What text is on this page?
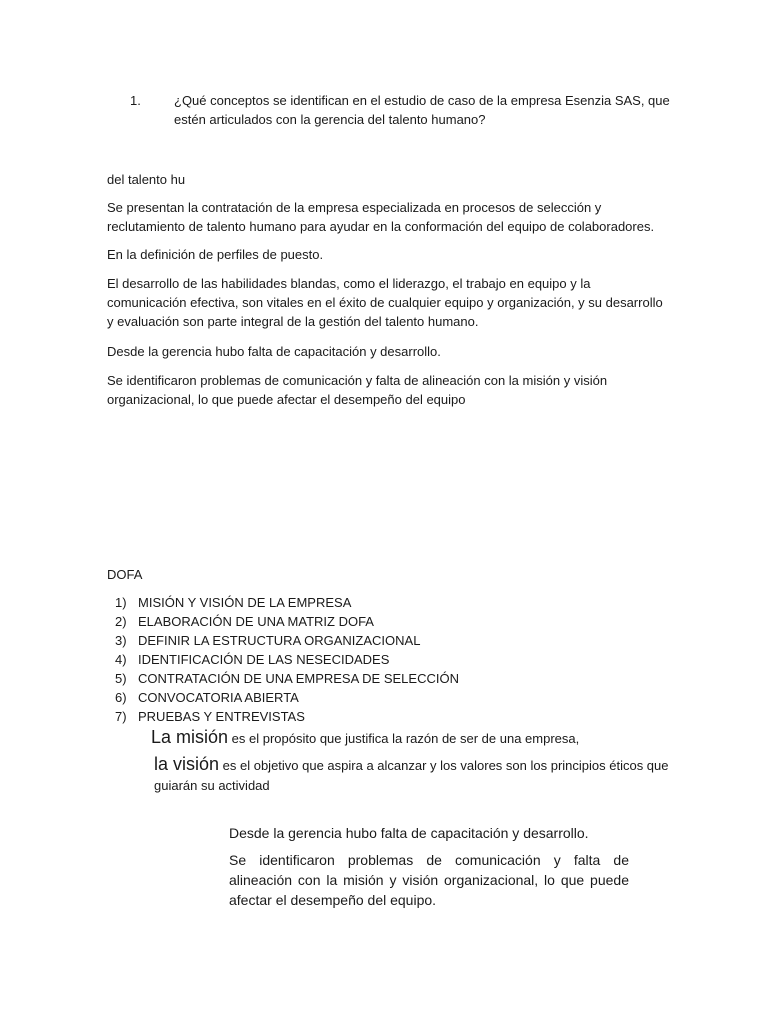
1.	¿Qué conceptos se identifican en el estudio de caso de la empresa Esenzia SAS, que estén articulados con la gerencia del talento humano?

del talento hu

Se presentan la contratación de la empresa especializada en procesos de selección y reclutamiento de talento humano para ayudar en la conformación del equipo de colaboradores.

En la definición de perfiles de puesto.

El desarrollo de las habilidades blandas, como el liderazgo, el trabajo en equipo y la comunicación efectiva, son vitales en el éxito de cualquier equipo y organización, y su desarrollo y evaluación son parte integral de la gestión del talento humano.

Desde la gerencia hubo falta de capacitación y desarrollo.

Se identificaron problemas de comunicación y falta de alineación con la misión y visión organizacional, lo que puede afectar el desempeño del equipo

DOFA
1) MISIÓN Y VISIÓN DE LA EMPRESA
2) ELABORACIÓN DE UNA MATRIZ DOFA
3) DEFINIR LA ESTRUCTURA ORGANIZACIONAL
4) IDENTIFICACIÓN DE LAS NESECIDADES
5) CONTRATACIÓN DE UNA EMPRESA DE SELECCIÓN
6) CONVOCATORIA ABIERTA
7) PRUEBAS Y ENTREVISTAS
La misión es el propósito que justifica la razón de ser de una empresa,
la visión es el objetivo que aspira a alcanzar y los valores son los principios éticos que guiarán su actividad

Desde la gerencia hubo falta de capacitación y desarrollo.

Se identificaron problemas de comunicación y falta de alineación con la misión y visión organizacional, lo que puede afectar el desempeño del equipo.
